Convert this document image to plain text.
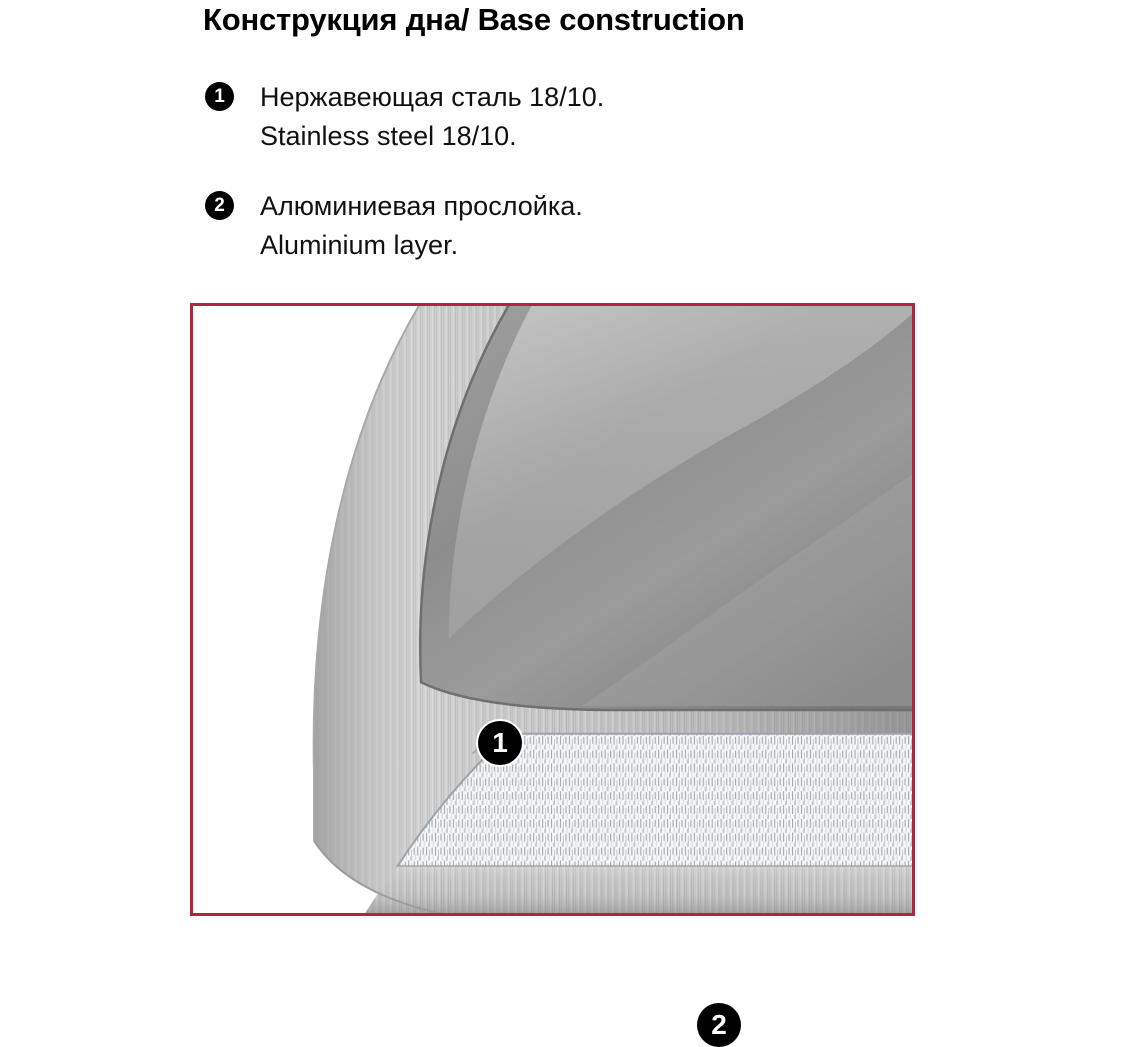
Конструкция дна/ Base construction
1	Нержавеющая сталь 18/10.
Stainless steel 18/10.
2	Алюминиевая прослойка.
Aluminium layer.
1
2
